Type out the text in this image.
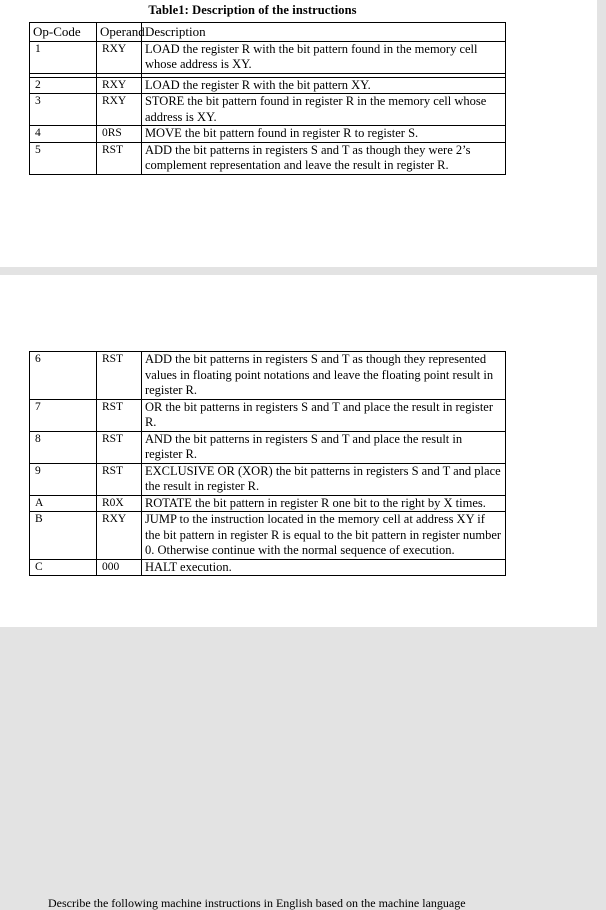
Table1: Description of the instructions
Op-Code	Operand	Description
1	RXY	LOAD the register R with the bit pattern found in the memory cell whose address is XY.

2	RXY	LOAD the register R with the bit pattern XY.
3	RXY	STORE the bit pattern found in register R in the memory cell whose address is XY.
4	0RS	MOVE the bit pattern found in register R to register S.
5	RST	ADD the bit patterns in registers S and T as though they were 2’s complement representation and leave the result in register R.
6	RST	ADD the bit patterns in registers S and T as though they represented values in floating point notations and leave the floating point result in register R.
7	RST	OR the bit patterns in registers S and T and place the result in register R.
8	RST	AND the bit patterns in registers S and T and place the result in register R.
9	RST	EXCLUSIVE OR (XOR) the bit patterns in registers S and T and place the result in register R.
A	R0X	ROTATE the bit pattern in register R one bit to the right by X times.
B	RXY	JUMP to the instruction located in the memory cell at address XY if the bit pattern in register R is equal to the bit pattern in register number 0. Otherwise continue with the normal sequence of execution.
C	000	HALT execution.
Describe the following machine instructions in English based on the machine language
